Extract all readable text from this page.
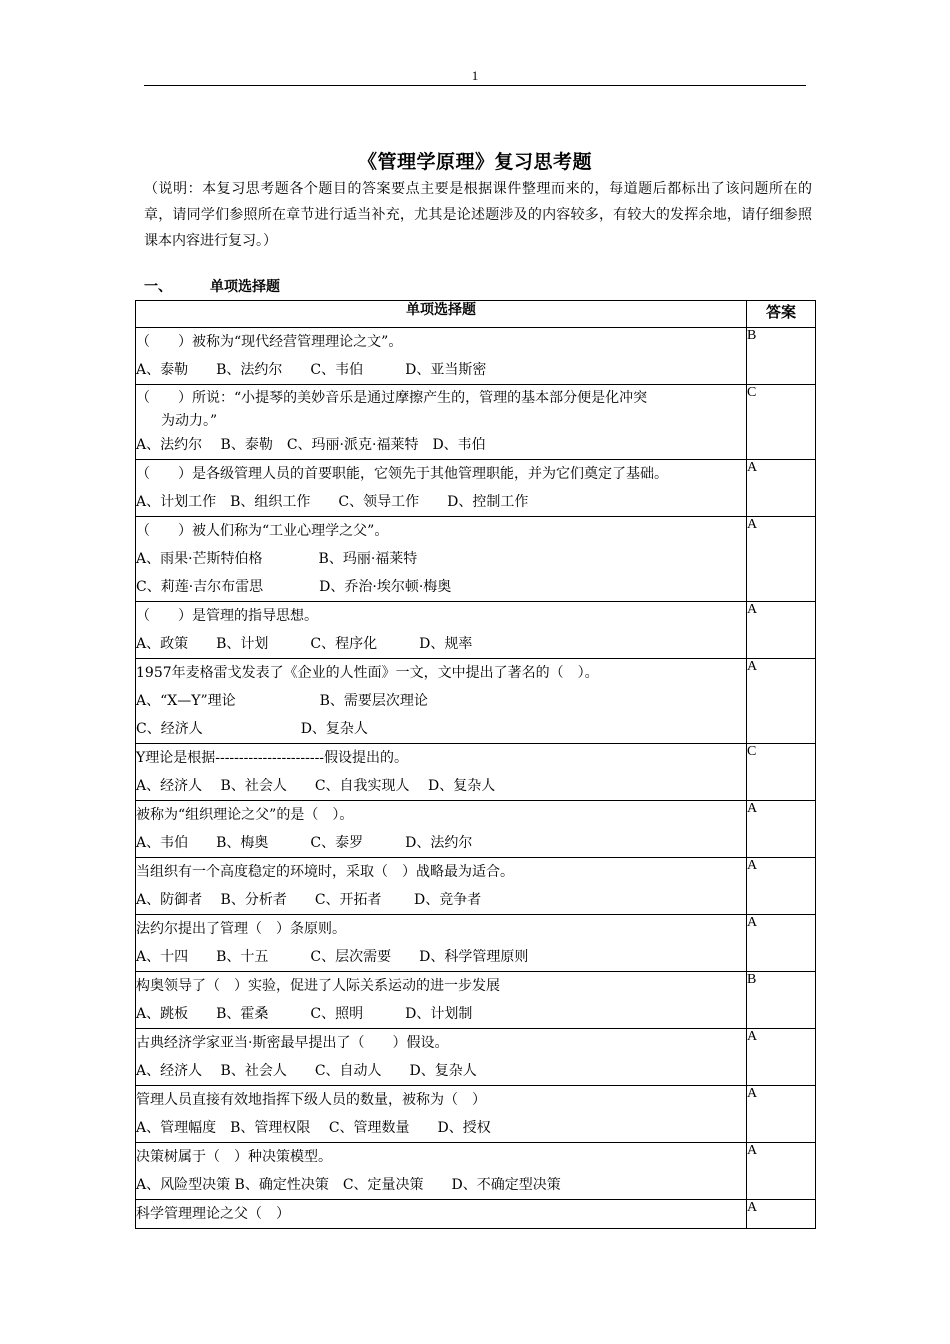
1
《管理学原理》复习思考题
（说明：本复习思考题各个题目的答案要点主要是根据课件整理而来的，每道题后都标出了该问题所在的章，请同学们参照所在章节进行适当补充，尤其是论述题涉及的内容较多，有较大的发挥余地，请仔细参照课本内容进行复习。）
一、	单项选择题
单项选择题	答案

（　　）被称为“现代经营管理理论之文”。
A、泰勒　　B、法约尔　　C、韦伯　　　D、亚当斯密	B

（　　）所说：“小提琴的美妙音乐是通过摩擦产生的，管理的基本部分便是化冲突
为动力。”
A、法约尔　 B、泰勒　C、玛丽·派克·福莱特　D、韦伯	C

（　　）是各级管理人员的首要职能，它领先于其他管理职能，并为它们奠定了基础。
A、计划工作　B、组织工作　　C、领导工作　　D、控制工作	A

（　　）被人们称为“工业心理学之父”。
A、雨果·芒斯特伯格　　　　B、玛丽·福莱特
C、莉莲·吉尔布雷思　　　　D、乔治·埃尔顿·梅奥	A

（　　）是管理的指导思想。
A、政策　　B、计划　　　C、程序化　　　D、规率	A

1957年麦格雷戈发表了《企业的人性面》一文，文中提出了著名的（　）。
A、“X—Y”理论　　　　　　B、需要层次理论
C、经济人　　　　　　　D、复杂人	A

Y理论是根据-----------------------假设提出的。
A、经济人　 B、社会人　　C、自我实现人　 D、复杂人	C

被称为“组织理论之父”的是（　）。
A、韦伯　　B、梅奥　　　C、泰罗　　　D、法约尔	A

当组织有一个高度稳定的环境时，采取（　）战略最为适合。
A、防御者　 B、分析者　　C、开拓者　　 D、竞争者	A

法约尔提出了管理（　）条原则。
A、十四　　B、十五　　　C、层次需要　　D、科学管理原则	A

构奥领导了（　）实验，促进了人际关系运动的进一步发展
A、跳板　　B、霍桑　　　C、照明　　　D、计划制	B

古典经济学家亚当·斯密最早提出了（　　）假设。
A、经济人　 B、社会人　　C、自动人　　D、复杂人	A

管理人员直接有效地指挥下级人员的数量，被称为（　）
A、管理幅度　B、管理权限　 C、管理数量　　D、授权	A

决策树属于（　）种决策模型。
A、风险型决策 B、确定性决策　C、定量决策　　D、不确定型决策	A

科学管理理论之父（　）	A
